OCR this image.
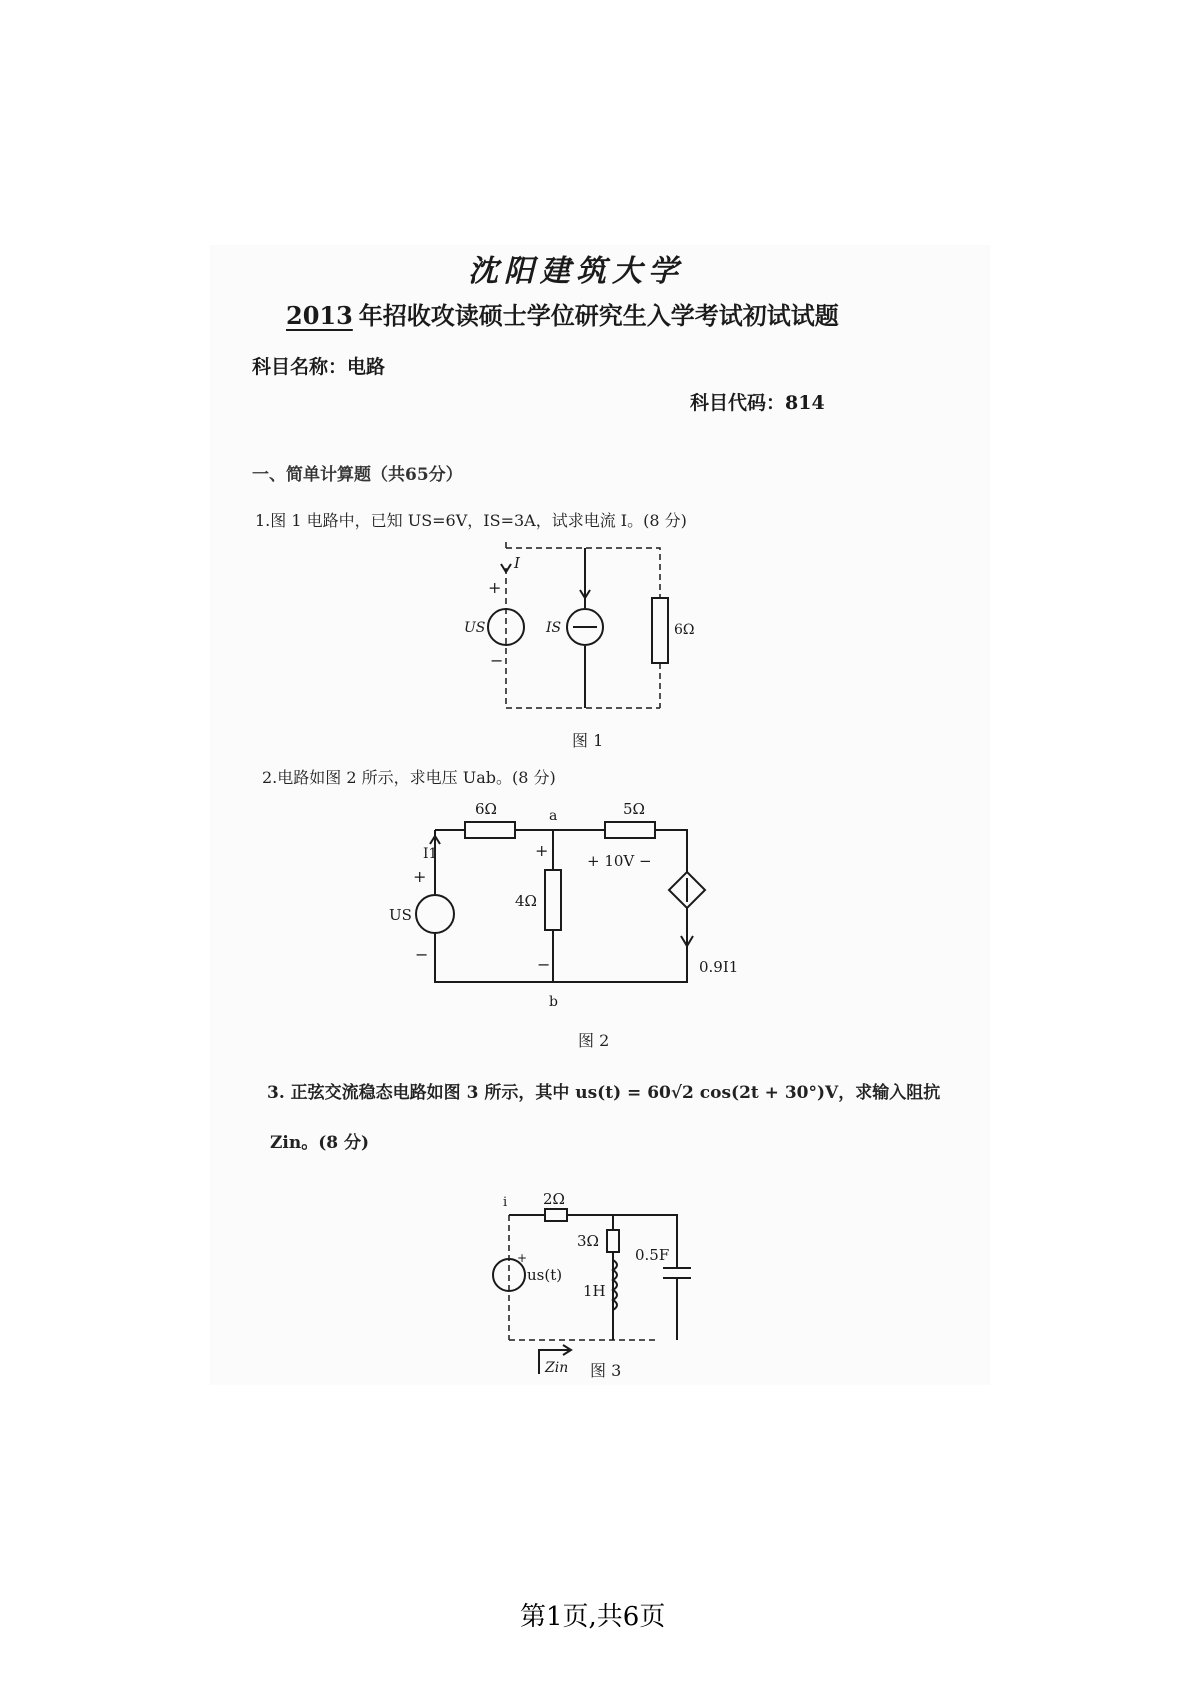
沈阳建筑大学
2013 年招收攻读硕士学位研究生入学考试初试试题
科目名称：电路
科目代码：814
一、简单计算题（共65分）
1.图 1 电路中，已知 US=6V，IS=3A，试求电流 I。(8 分)
I
+
−
US	IS	6Ω
图 1
2.电路如图 2 所示，求电压 Uab。(8 分)
6Ω	5Ω
4Ω
a
b
I1
US
+
−
+
−
+ 10V −
0.9I1
图 2
3. 正弦交流稳态电路如图 3 所示，其中 us(t) = 60√2 cos(2t + 30°)V，求输入阻抗
Zin。(8 分)
i 2Ω
3Ω
1H
0.5F
us(t)
+
Zin 图 3
第1页,共6页
